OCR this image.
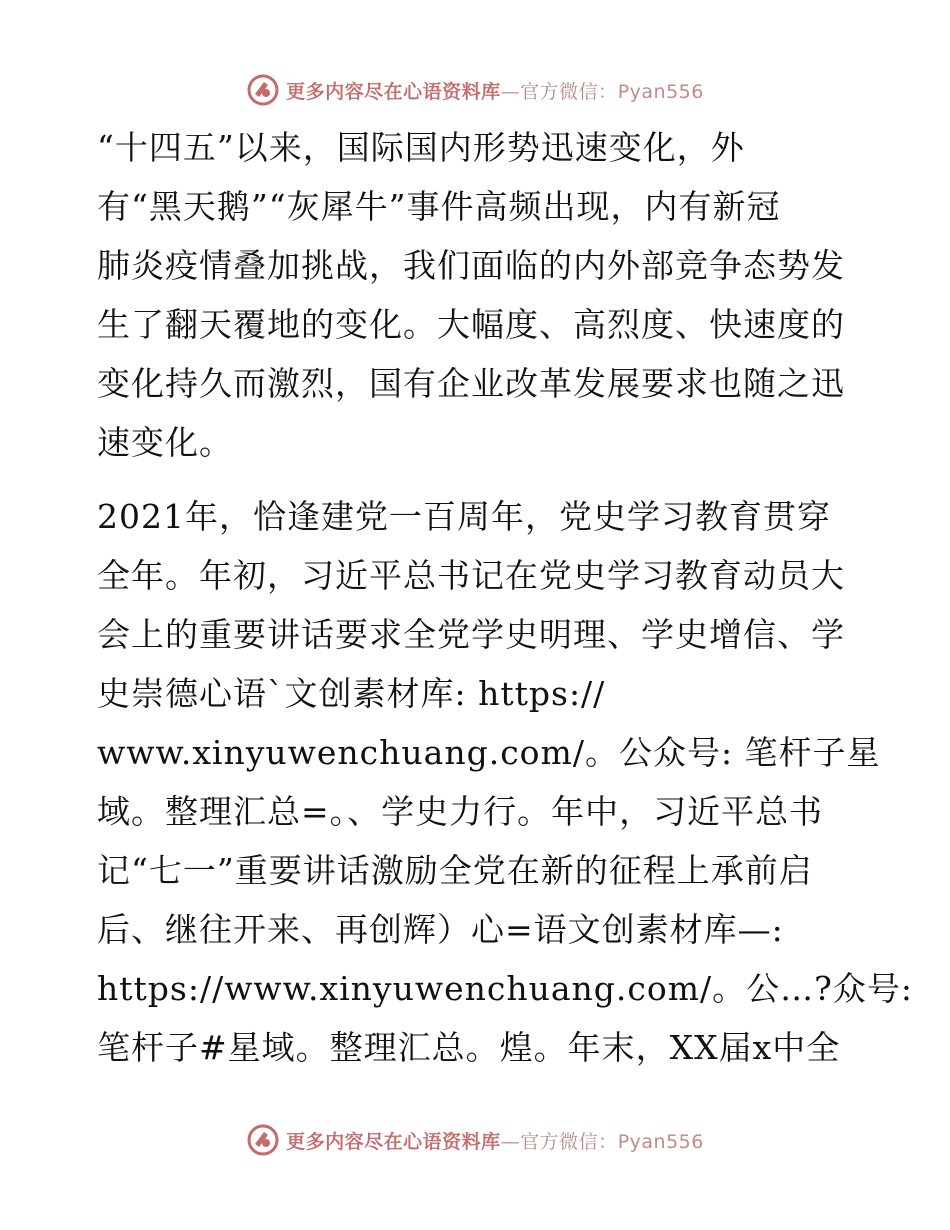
更多内容尽在心语资料库—官方微信：Pyan556
“十四五”以来，国际国内形势迅速变化，外
有“黑天鹅”“灰犀牛”事件高频出现，内有新冠
肺炎疫情叠加挑战，我们面临的内外部竞争态势发
生了翻天覆地的变化。大幅度、高烈度、快速度的
变化持久而激烈，国有企业改革发展要求也随之迅
速变化。
2021年，恰逢建党一百周年，党史学习教育贯穿
全年。年初，习近平总书记在党史学习教育动员大
会上的重要讲话要求全党学史明理、学史增信、学
史崇德心语`文创素材库: https://
www.xinyuwenchuang.com/。公众号: 笔杆子星
域。整理汇总=。、学史力行。年中，习近平总书
记“七一”重要讲话激励全党在新的征程上承前启
后、继往开来、再创辉）心=语文创素材库—:
https://www.xinyuwenchuang.com/。公…?众号:
笔杆子#星域。整理汇总。煌。年末，XX届x中全
更多内容尽在心语资料库—官方微信：Pyan556
